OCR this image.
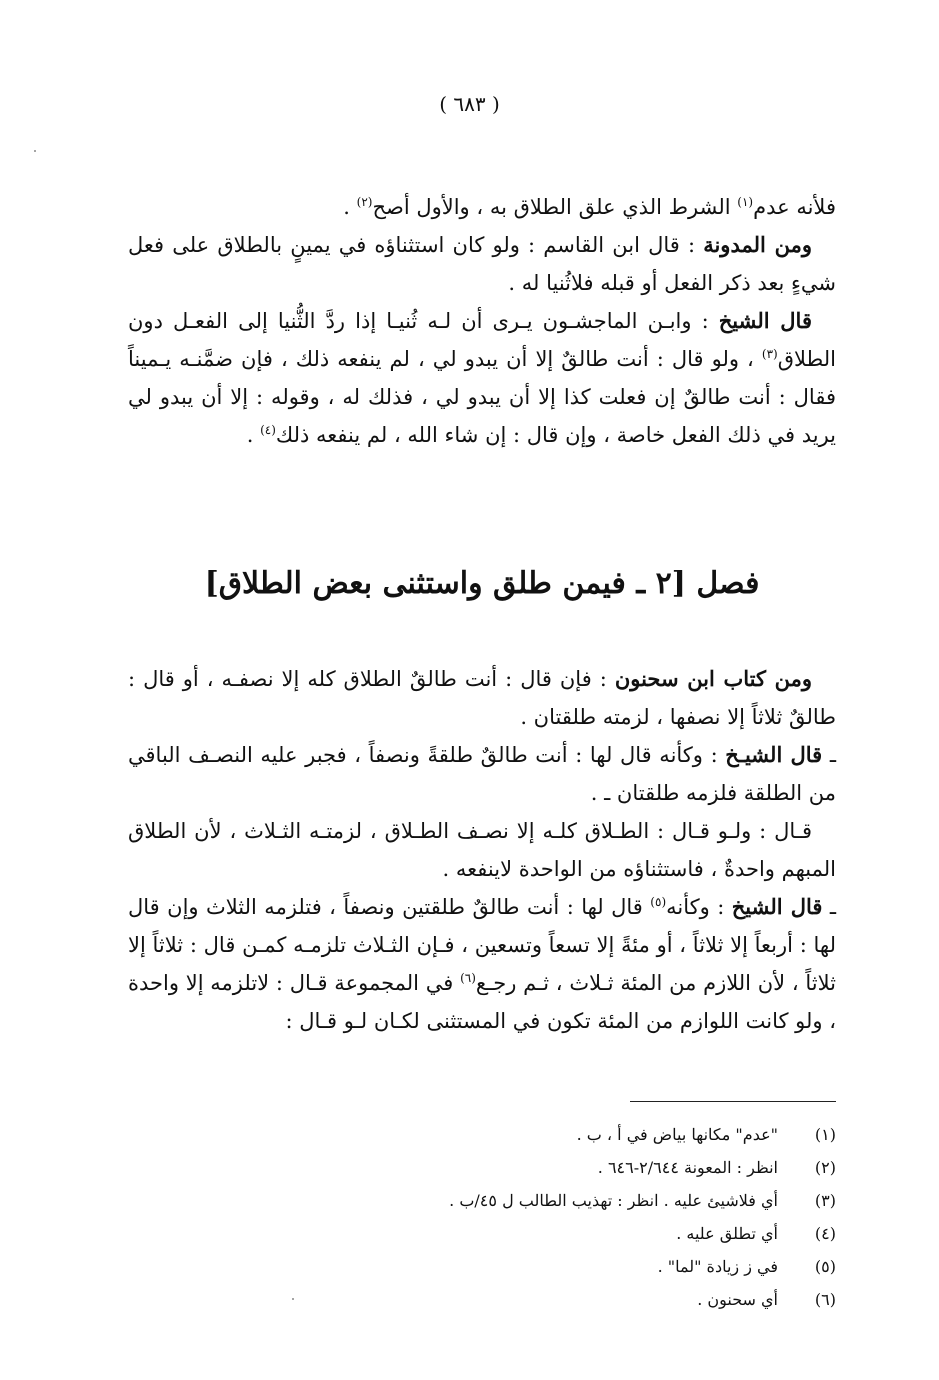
( ٦٨٣ )

فلأنه عدم$^{(١)}$ الشرط الذي علق الطلاق به ، والأول أصح$^{(٢)}$ .

ومن المدونة : قال ابن القاسم : ولو كان استثناؤه في يمينٍ بالطلاق على فعل شيءٍ بعد ذكر الفعل أو قبله فلاثُنيا له .

قال الشيخ : وابـن الماجشـون يـرى أن لـه ثُنيـا إذا ردَّ الثُّنيا إلى الفعـل دون الطلاق$^{(٣)}$ ، ولو قال : أنت طالقٌ إلا أن يبدو لي ، لم ينفعه ذلك ، فإن ضمَّنـه يـميناً فقال : أنت طالقٌ إن فعلت كذا إلا أن يبدو لي ، فذلك له ، وقوله : إلا أن يبدو لي يريد في ذلك الفعل خاصة ، وإن قال : إن شاء الله ، لم ينفعه ذلك$^{(٤)}$ .

فصل [٢ ـ فيمن طلق واستثنى بعض الطلاق]

ومن كتاب ابن سحنون : فإن قال : أنت طالقٌ الطلاق كله إلا نصفـه ، أو قال : طالقٌ ثلاثاً إلا نصفها ، لزمته طلقتان .

ـ قال الشيـخ : وكأنه قال لها : أنت طالقٌ طلقةً ونصفاً ، فجبر عليه النصـف الباقي من الطلقة فلزمه طلقتان ـ .

قـال : ولـو قـال : الطـلاق كلـه إلا نصـف الطـلاق ، لزمتـه الثـلاث ، لأن الطلاق المبهم واحدةٌ ، فاستثناؤه من الواحدة لاينفعه .

ـ قال الشيخ : وكأنه$^{(٥)}$ قال لها : أنت طالقٌ طلقتين ونصفاً ، فتلزمه الثلاث وإن قال لها : أربعاً إلا ثلاثاً ، أو مئةً إلا تسعاً وتسعين ، فـإن الثـلاث تلزمـه كمـن قال : ثلاثاً إلا ثلاثاً ، لأن اللازم من المئة ثـلاث ، ثـم رجـع$^{(٦)}$ في المجموعة قـال : لاتلزمه إلا واحدة ، ولو كانت اللوازم من المئة تكون في المستثنى لكـان لـو قـال :

(١)
"عدم" مكانها بياض في أ ، ب .
(٢)
انظر : المعونة ٢/٦٤٤-٦٤٦ .
(٣)
أي فلاشيئ عليه . انظر : تهذيب الطالب ل ٤٥/ب .
(٤)
أي تطلق عليه .
(٥)
في ز زيادة "لما" .
(٦)
أي سحنون .
